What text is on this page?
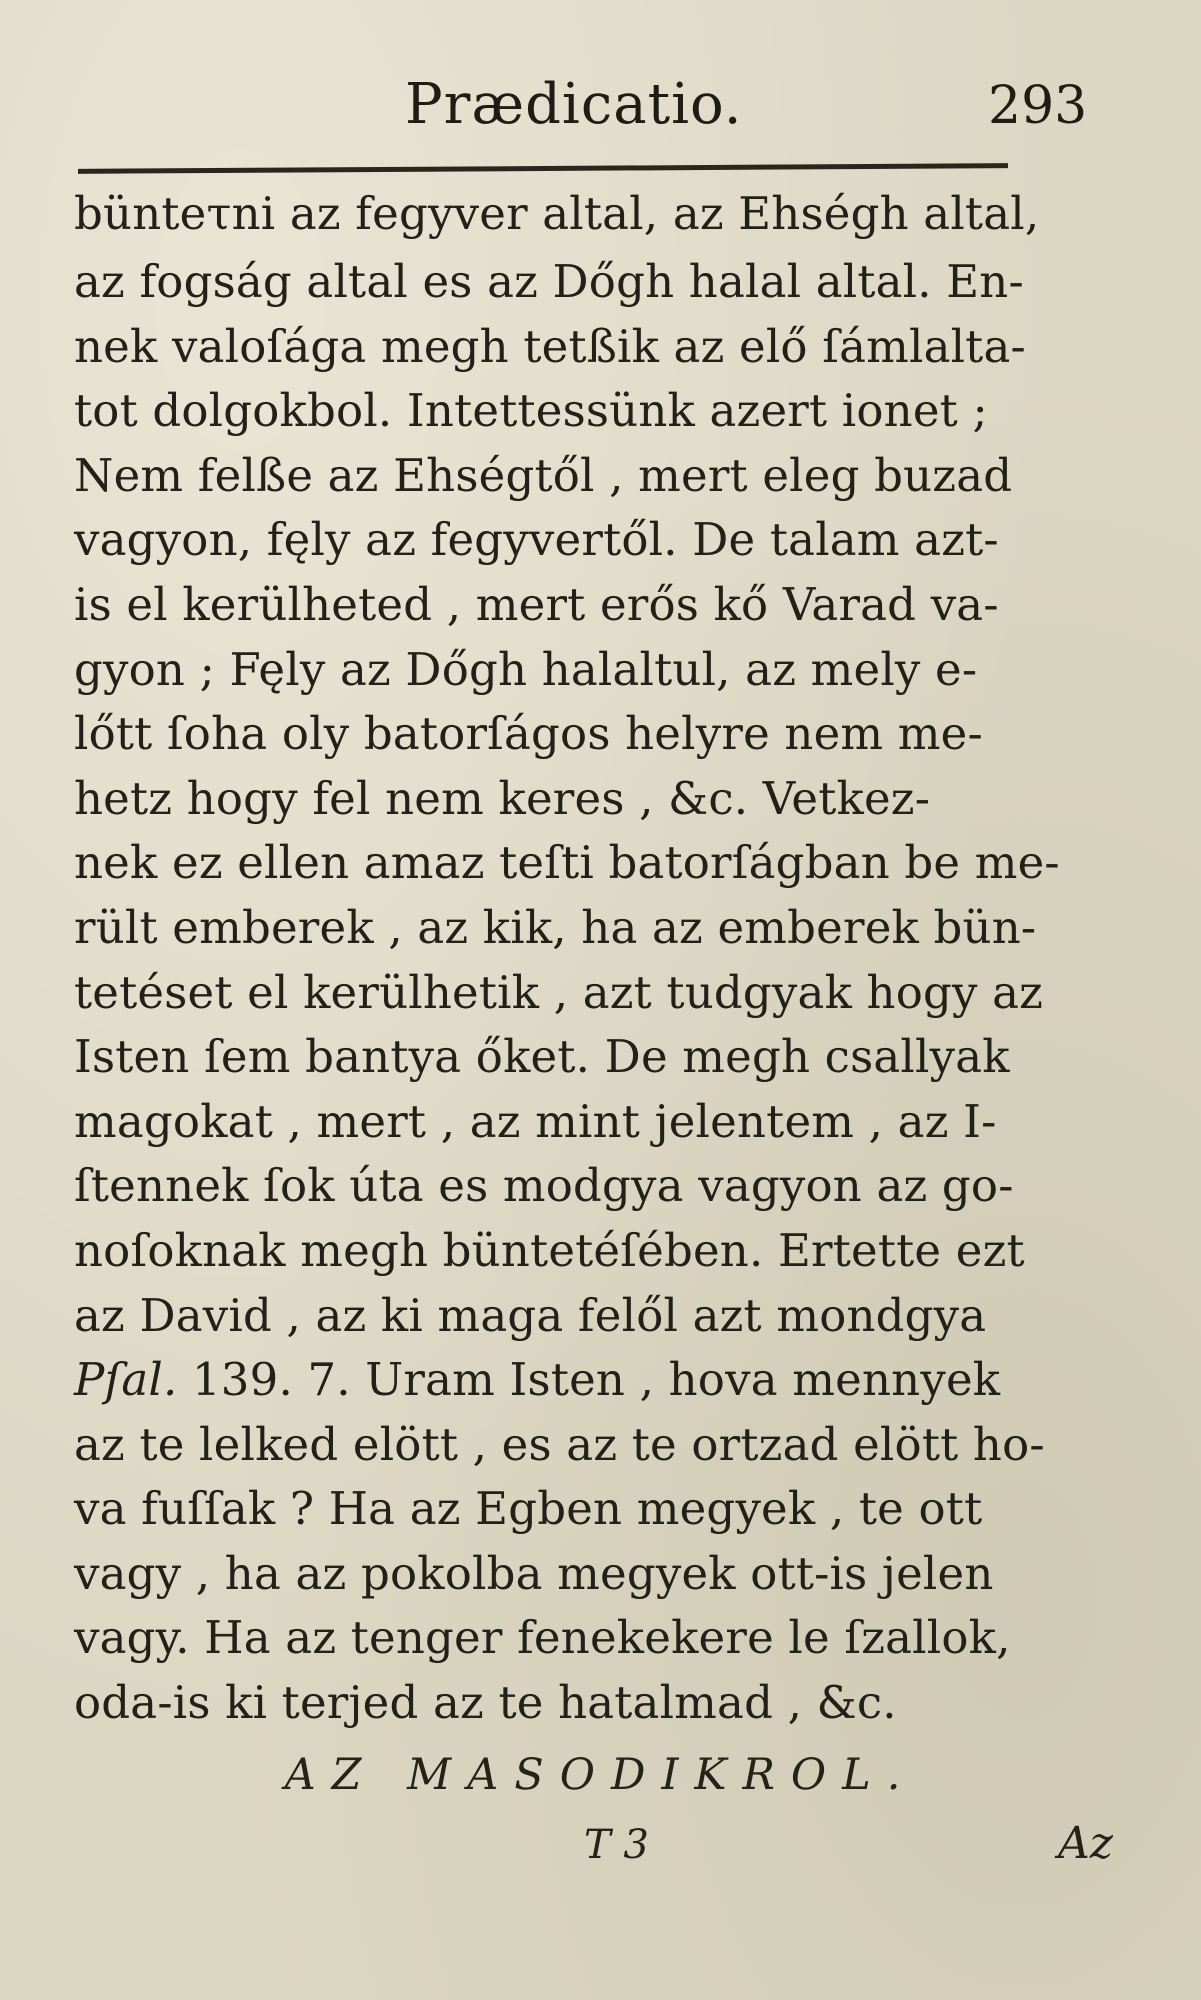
Prædicatio.	293
bünteτni az fegyver altal, az Ehségh altal,
az fogság altal es az Dőgh halal altal. En-
nek valoſága megh tetßik az elő ſámlalta-
tot dolgokbol. Intettessünk azert ionet ;
Nem felße az Ehségtől , mert eleg buzad
vagyon, fęly az fegyvertől. De talam azt-
is el kerülheted , mert erős kő Varad va-
gyon ; Fęly az Dőgh halaltul, az mely e-
lőtt ſoha oly batorſágos helyre nem me-
hetz hogy fel nem keres , &c. Vetkez-
nek ez ellen amaz teſti batorſágban be me-
rült emberek , az kik, ha az emberek bün-
tetéset el kerülhetik , azt tudgyak hogy az
Isten ſem bantya őket. De megh csallyak
magokat , mert , az mint jelentem , az I-
ſtennek ſok úta es modgya vagyon az go-
noſoknak megh büntetéſében. Ertette ezt
az David , az ki maga felől azt mondgya
Pſal. 139. 7. Uram Isten , hova mennyek
az te lelked elött , es az te ortzad elött ho-
va fuſſak ? Ha az Egben megyek , te ott
vagy , ha az pokolba megyek ott-is jelen
vagy. Ha az tenger fenekekere le ſzallok,
oda-is ki terjed az te hatalmad , &c.
AZ MASODIKROL.
T 3	Az
